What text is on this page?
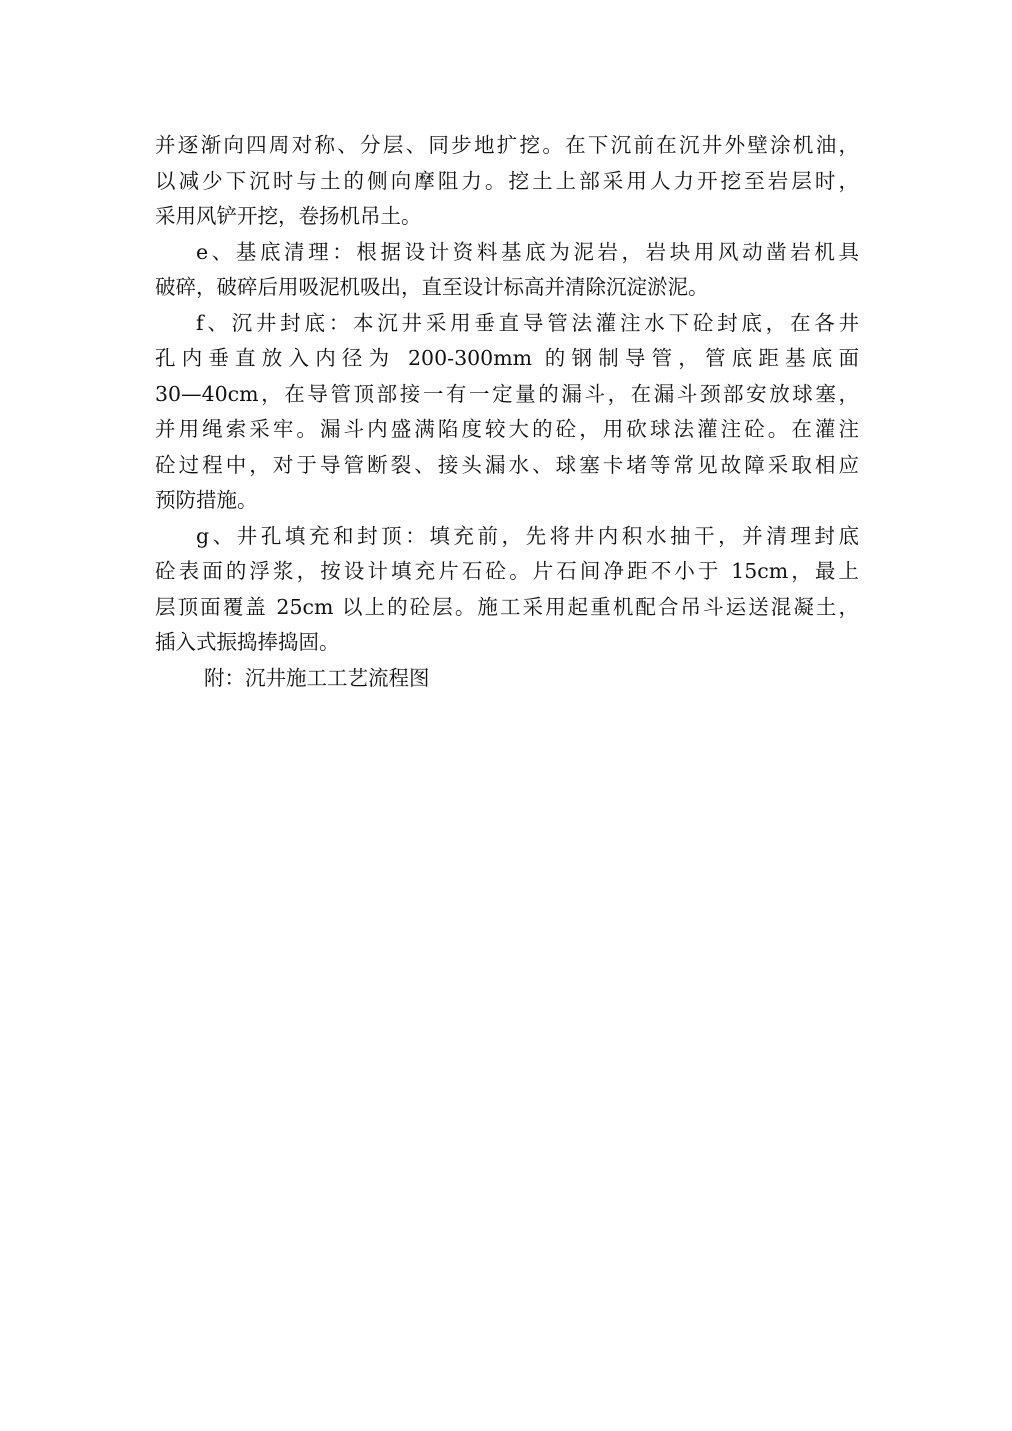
并逐渐向四周对称、分层、同步地扩挖。在下沉前在沉井外壁涂机油，
以减少下沉时与土的侧向摩阻力。挖土上部采用人力开挖至岩层时，
采用风铲开挖，卷扬机吊土。
e、基底清理：根据设计资料基底为泥岩，岩块用风动凿岩机具
破碎，破碎后用吸泥机吸出，直至设计标高并清除沉淀淤泥。
f、沉井封底：本沉井采用垂直导管法灌注水下砼封底，在各井
孔内垂直放入内径为 200-300mm 的钢制导管，管底距基底面
30—40cm，在导管顶部接一有一定量的漏斗，在漏斗颈部安放球塞，
并用绳索采牢。漏斗内盛满陷度较大的砼，用砍球法灌注砼。在灌注
砼过程中，对于导管断裂、接头漏水、球塞卡堵等常见故障采取相应
预防措施。
g、井孔填充和封顶：填充前，先将井内积水抽干，并清理封底
砼表面的浮浆，按设计填充片石砼。片石间净距不小于 15cm，最上
层顶面覆盖 25cm 以上的砼层。施工采用起重机配合吊斗运送混凝土，
插入式振捣捧捣固。
附：沉井施工工艺流程图
